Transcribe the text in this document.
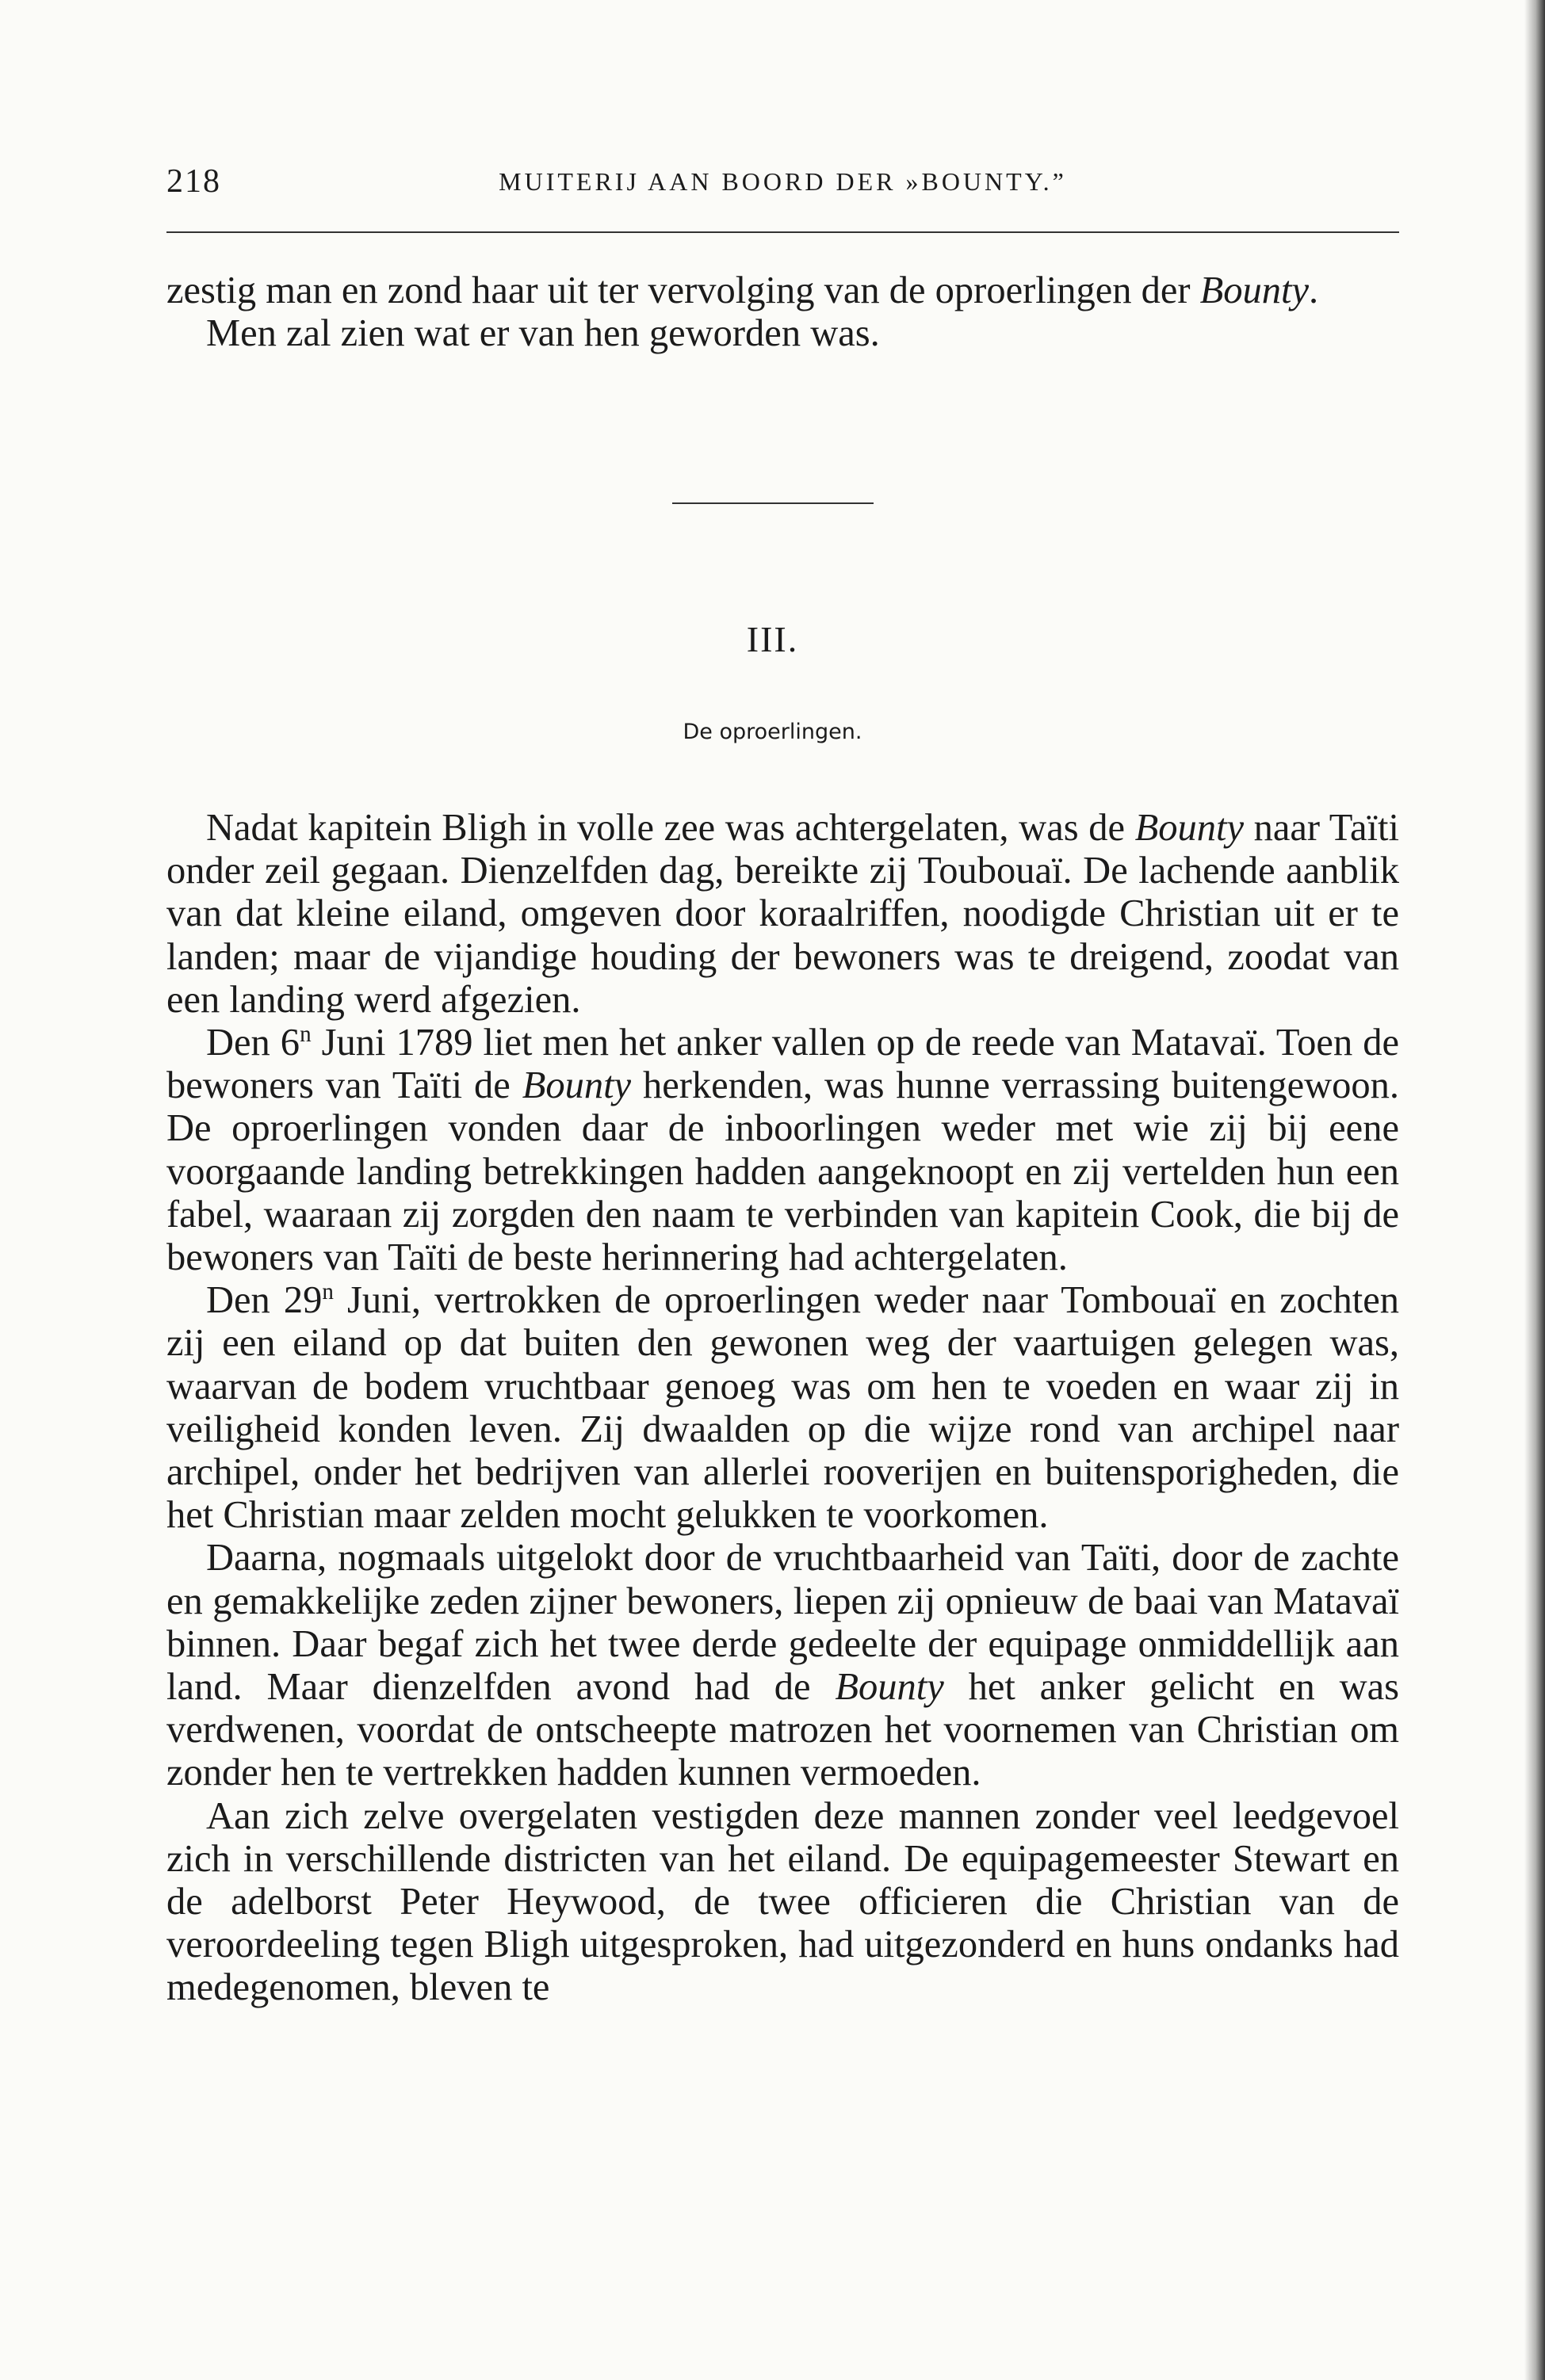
218	MUITERIJ AAN BOORD DER »BOUNTY.”

zestig man en zond haar uit ter vervolging van de oproerlingen der Bounty.

Men zal zien wat er van hen geworden was.

III.
De oproerlingen.

Nadat kapitein Bligh in volle zee was achtergelaten, was de Bounty naar Taïti onder zeil gegaan. Dienzelfden dag, bereikte zij Toubouaï. De lachende aanblik van dat kleine eiland, omgeven door koraalriffen, noodigde Christian uit er te landen; maar de vijandige houding der bewoners was te dreigend, zoodat van een landing werd afgezien.

Den 6$^n$ Juni 1789 liet men het anker vallen op de reede van Matavaï. Toen de bewoners van Taïti de Bounty herkenden, was hunne verrassing buitengewoon. De oproerlingen vonden daar de inboorlingen weder met wie zij bij eene voorgaande landing betrekkingen hadden aangeknoopt en zij vertelden hun een fabel, waaraan zij zorgden den naam te verbinden van kapitein Cook, die bij de bewoners van Taïti de beste herinnering had achtergelaten.

Den 29$^n$ Juni, vertrokken de oproerlingen weder naar Tombouaï en zochten zij een eiland op dat buiten den gewonen weg der vaartuigen gelegen was, waarvan de bodem vruchtbaar genoeg was om hen te voeden en waar zij in veiligheid konden leven. Zij dwaalden op die wijze rond van archipel naar archipel, onder het bedrijven van allerlei rooverijen en buitensporigheden, die het Christian maar zelden mocht gelukken te voorkomen.

Daarna, nogmaals uitgelokt door de vruchtbaarheid van Taïti, door de zachte en gemakkelijke zeden zijner bewoners, liepen zij opnieuw de baai van Matavaï binnen. Daar begaf zich het twee derde gedeelte der equipage onmiddellijk aan land. Maar dienzelfden avond had de Bounty het anker gelicht en was verdwenen, voordat de ontscheepte matrozen het voornemen van Christian om zonder hen te vertrekken hadden kunnen vermoeden.

Aan zich zelve overgelaten vestigden deze mannen zonder veel leedgevoel zich in verschillende districten van het eiland. De equipagemeester Stewart en de adelborst Peter Heywood, de twee officieren die Christian van de veroordeeling tegen Bligh uitgesproken, had uitgezonderd en huns ondanks had medegenomen, bleven te
